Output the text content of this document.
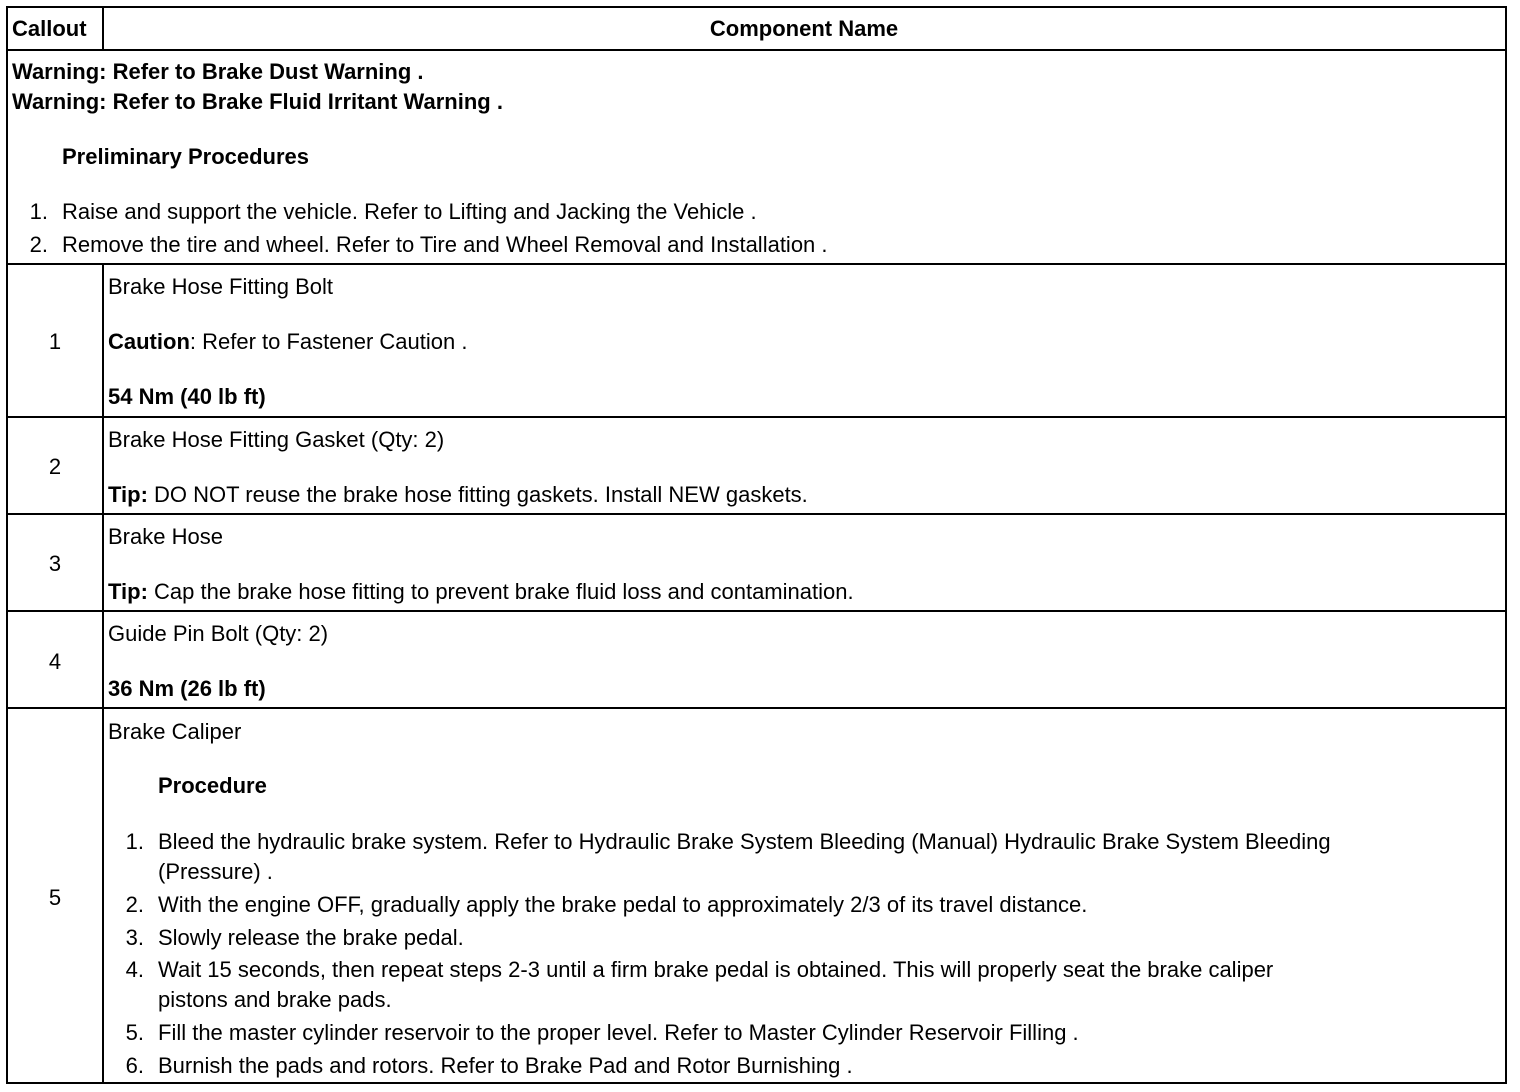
Callout	Component Name
Warning: Refer to Brake Dust Warning .
Warning: Refer to Brake Fluid Irritant Warning .
Preliminary Procedures
1. Raise and support the vehicle. Refer to Lifting and Jacking the Vehicle .
2. Remove the tire and wheel. Refer to Tire and Wheel Removal and Installation .
1
Brake Hose Fitting Bolt
Caution: Refer to Fastener Caution .
54 Nm (40 lb ft)
2
Brake Hose Fitting Gasket (Qty: 2)
Tip: DO NOT reuse the brake hose fitting gaskets. Install NEW gaskets.
3
Brake Hose
Tip: Cap the brake hose fitting to prevent brake fluid loss and contamination.
4
Guide Pin Bolt (Qty: 2)
36 Nm (26 lb ft)
5
Brake Caliper
Procedure
1. Bleed the hydraulic brake system. Refer to Hydraulic Brake System Bleeding (Manual) Hydraulic Brake System Bleeding
(Pressure) .
2. With the engine OFF, gradually apply the brake pedal to approximately 2/3 of its travel distance.
3. Slowly release the brake pedal.
4. Wait 15 seconds, then repeat steps 2-3 until a firm brake pedal is obtained. This will properly seat the brake caliper
pistons and brake pads.
5. Fill the master cylinder reservoir to the proper level. Refer to Master Cylinder Reservoir Filling .
6. Burnish the pads and rotors. Refer to Brake Pad and Rotor Burnishing .
